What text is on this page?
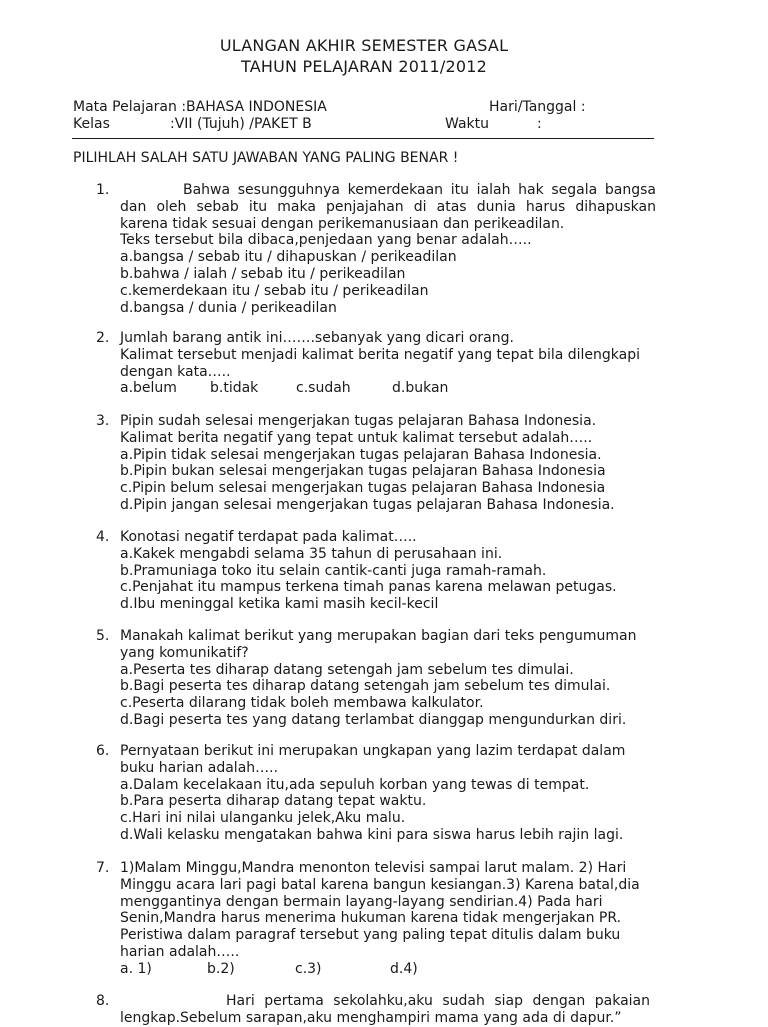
ULANGAN AKHIR SEMESTER GASAL
TAHUN PELAJARAN 2011/2012
Mata Pelajaran :BAHASA INDONESIA	Hari/Tanggal :
Kelas	:VII (Tujuh) /PAKET B	Waktu	:
PILIHLAH SALAH SATU JAWABAN YANG PALING BENAR !
1.	Bahwa sesungguhnya kemerdekaan itu ialah hak segala bangsa
dan oleh sebab itu maka penjajahan di atas dunia harus dihapuskan
karena tidak sesuai dengan perikemanusiaan dan perikeadilan.
Teks tersebut bila dibaca,penjedaan yang benar adalah…..
a.bangsa / sebab itu / dihapuskan / perikeadilan
b.bahwa / ialah / sebab itu / perikeadilan
c.kemerdekaan itu / sebab itu / perikeadilan
d.bangsa / dunia / perikeadilan
2. Jumlah barang antik ini…….sebanyak yang dicari orang.
Kalimat tersebut menjadi kalimat berita negatif yang tepat bila dilengkapi
dengan kata…..
a.belum b.tidak	c.sudah	d.bukan
3. Pipin sudah selesai mengerjakan tugas pelajaran Bahasa Indonesia.
Kalimat berita negatif yang tepat untuk kalimat tersebut adalah…..
a.Pipin tidak selesai mengerjakan tugas pelajaran Bahasa Indonesia.
b.Pipin bukan selesai mengerjakan tugas pelajaran Bahasa Indonesia
c.Pipin belum selesai mengerjakan tugas pelajaran Bahasa Indonesia
d.Pipin jangan selesai mengerjakan tugas pelajaran Bahasa Indonesia.
4. Konotasi negatif terdapat pada kalimat…..
a.Kakek mengabdi selama 35 tahun di perusahaan ini.
b.Pramuniaga toko itu selain cantik-canti juga ramah-ramah.
c.Penjahat itu mampus terkena timah panas karena melawan petugas.
d.Ibu meninggal ketika kami masih kecil-kecil
5. Manakah kalimat berikut yang merupakan bagian dari teks pengumuman
yang komunikatif?
a.Peserta tes diharap datang setengah jam sebelum tes dimulai.
b.Bagi peserta tes diharap datang setengah jam sebelum tes dimulai.
c.Peserta dilarang tidak boleh membawa kalkulator.
d.Bagi peserta tes yang datang terlambat dianggap mengundurkan diri.
6. Pernyataan berikut ini merupakan ungkapan yang lazim terdapat dalam
buku harian adalah…..
a.Dalam kecelakaan itu,ada sepuluh korban yang tewas di tempat.
b.Para peserta diharap datang tepat waktu.
c.Hari ini nilai ulanganku jelek,Aku malu.
d.Wali kelasku mengatakan bahwa kini para siswa harus lebih rajin lagi.
7. 1)Malam Minggu,Mandra menonton televisi sampai larut malam. 2) Hari
Minggu acara lari pagi batal karena bangun kesiangan.3) Karena batal,dia
menggantinya dengan bermain layang-layang sendirian.4) Pada hari
Senin,Mandra harus menerima hukuman karena tidak mengerjakan PR.
Peristiwa dalam paragraf tersebut yang paling tepat ditulis dalam buku
harian adalah…..
a. 1)	b.2)	c.3)	d.4)
8.	Hari pertama sekolahku,aku sudah siap dengan pakaian
lengkap.Sebelum sarapan,aku menghampiri mama yang ada di dapur.”
